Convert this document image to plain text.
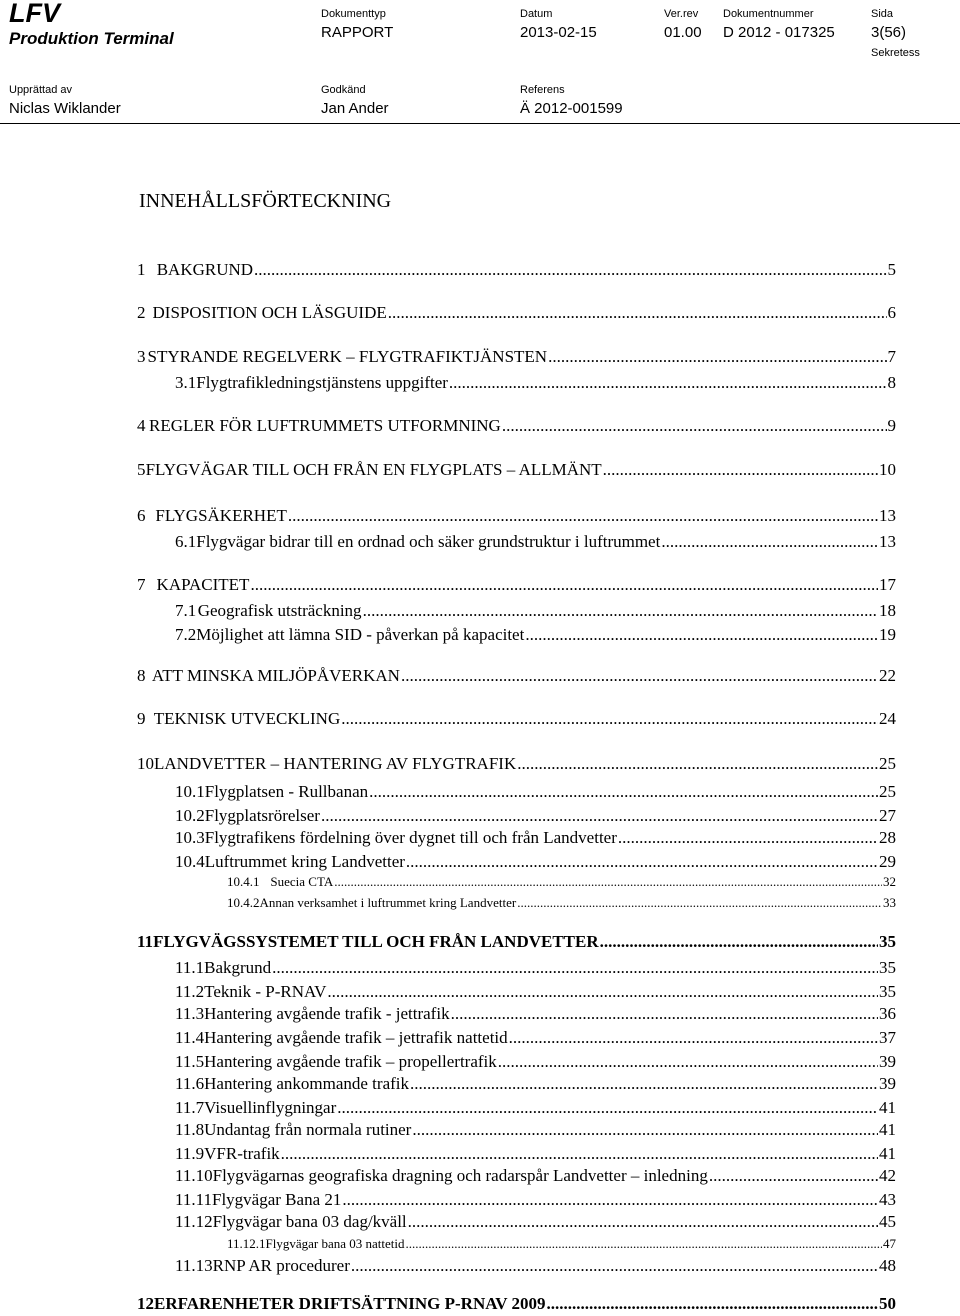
LFV
Produktion Terminal
Dokumenttyp
RAPPORT
Datum
2013-02-15
Ver.rev
01.00
Dokumentnummer
D 2012 - 017325
Sida
3(56)
Sekretess
Upprättad av
Niclas Wiklander
Godkänd
Jan Ander
Referens
Ä 2012-001599
INNEHÅLLSFÖRTECKNING
1 BAKGRUND .....	5
2 DISPOSITION OCH LÄSGUIDE .....	6
3 STYRANDE REGELVERK – FLYGTRAFIKTJÄNSTEN .....	7
3.1 Flygtrafikledningstjänstens uppgifter .....	8
4 REGLER FÖR LUFTRUMMETS UTFORMNING .....	9
5 FLYGVÄGAR TILL OCH FRÅN EN FLYGPLATS – ALLMÄNT .....	10
6 FLYGSÄKERHET .....	13
6.1 Flygvägar bidrar till en ordnad och säker grundstruktur i luftrummet .....	13
7 KAPACITET .....	17
7.1 Geografisk utsträckning .....	18
7.2 Möjlighet att lämna SID - påverkan på kapacitet .....	19
8 ATT MINSKA MILJÖPÅVERKAN .....	22
9 TEKNISK UTVECKLING .....	24
10 LANDVETTER – HANTERING AV FLYGTRAFIK .....	25
10.1 Flygplatsen - Rullbanan .....	25
10.2 Flygplatsrörelser .....	27
10.3 Flygtrafikens fördelning över dygnet till och från Landvetter .....	28
10.4 Luftrummet kring Landvetter .....	29
10.4.1 Suecia CTA .....	32
10.4.2 Annan verksamhet i luftrummet kring Landvetter .....	33
11 FLYGVÄGSSYSTEMET TILL OCH FRÅN LANDVETTER .....	35
11.1 Bakgrund .....	35
11.2 Teknik - P-RNAV .....	35
11.3 Hantering avgående trafik - jettrafik .....	36
11.4 Hantering avgående trafik – jettrafik nattetid .....	37
11.5 Hantering avgående trafik – propellertrafik .....	39
11.6 Hantering ankommande trafik .....	39
11.7 Visuellinflygningar .....	41
11.8 Undantag från normala rutiner .....	41
11.9 VFR-trafik .....	41
11.10 Flygvägarnas geografiska dragning och radarspår Landvetter – inledning .....	42
11.11 Flygvägar Bana 21 .....	43
11.12 Flygvägar bana 03 dag/kväll .....	45
11.12.1 Flygvägar bana 03 nattetid .....	47
11.13 RNP AR procedurer .....	48
12 ERFARENHETER DRIFTSÄTTNING P-RNAV 2009 .....	50
